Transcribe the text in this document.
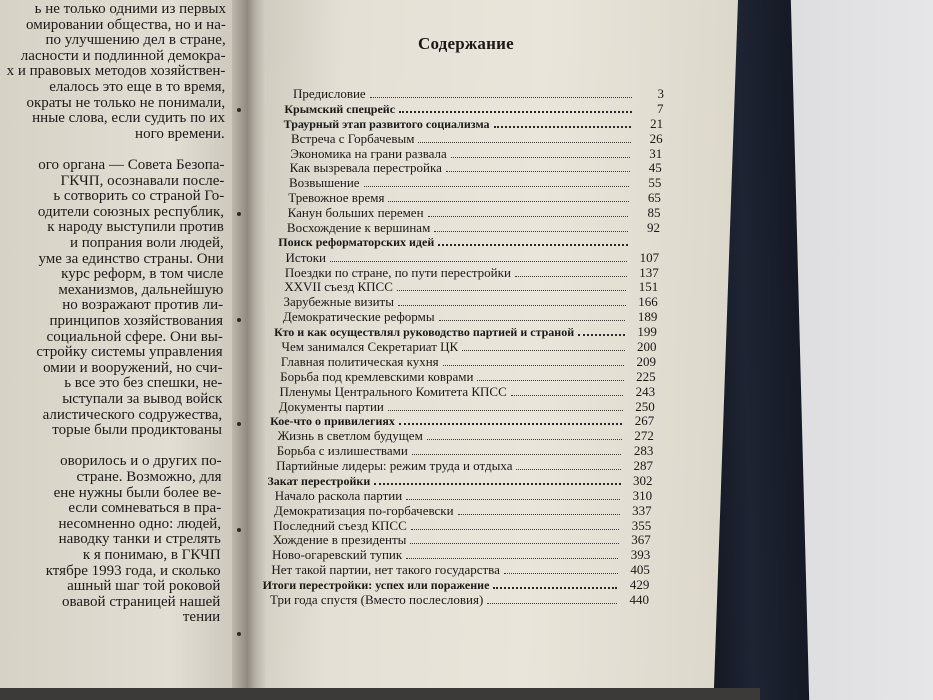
ь не только одними из первых
омировании общества, но и на-
по улучшению дел в стране,
ласности и подлинной демокра-
х и правовых методов хозяйствен-
елалось это еще в то время,
ократы не только не понимали,
нные слова, если судить по их
ного времени.
ого органа — Совета Безопа-
ГКЧП, осознавали после-
ь сотворить со страной Го-
одители союзных республик,
к народу выступили против
и попрания воли людей,
уме за единство страны. Они
курс реформ, в том числе
механизмов, дальнейшую
но возражают против ли-
принципов хозяйствования
социальной сфере. Они вы-
стройку системы управления
омии и вооружений, но счи-
ь все это без спешки, не-
ыступали за вывод войск
алистического содружества,
торые были продиктованы
оворилось и о других по-
стране. Возможно, для
ене нужны были более ве-
если сомневаться в пра-
несомненно одно: людей,
наводку танки и стрелять
к я понимаю, в ГКЧП
ктябре 1993 года, и сколько
ашный шаг той роковой
овавой страницей нашей
тении
Содержание
Предисловие	3
Крымский спецрейс	7
Траурный этап развитого социализма	21
Встреча с Горбачевым	26
Экономика на грани развала	31
Как вызревала перестройка	45
Возвышение	55
Тревожное время	65
Канун больших перемен	85
Восхождение к вершинам	92
Поиск реформаторских идей
Истоки	107
Поездки по стране, по пути перестройки	137
XXVII съезд КПСС	151
Зарубежные визиты	166
Демократические реформы	189
Кто и как осуществлял руководство партией и страной	199
Чем занимался Секретариат ЦК	200
Главная политическая кухня	209
Борьба под кремлевскими коврами	225
Пленумы Центрального Комитета КПСС	243
Документы партии	250
Кое-что о привилегиях	267
Жизнь в светлом будущем	272
Борьба с излишествами	283
Партийные лидеры: режим труда и отдыха	287
Закат перестройки	302
Начало раскола партии	310
Демократизация по-горбачевски	337
Последний съезд КПСС	355
Хождение в президенты	367
Ново-огаревский тупик	393
Нет такой партии, нет такого государства	405
Итоги перестройки: успех или поражение	429
Три года спустя (Вместо послесловия)	440
